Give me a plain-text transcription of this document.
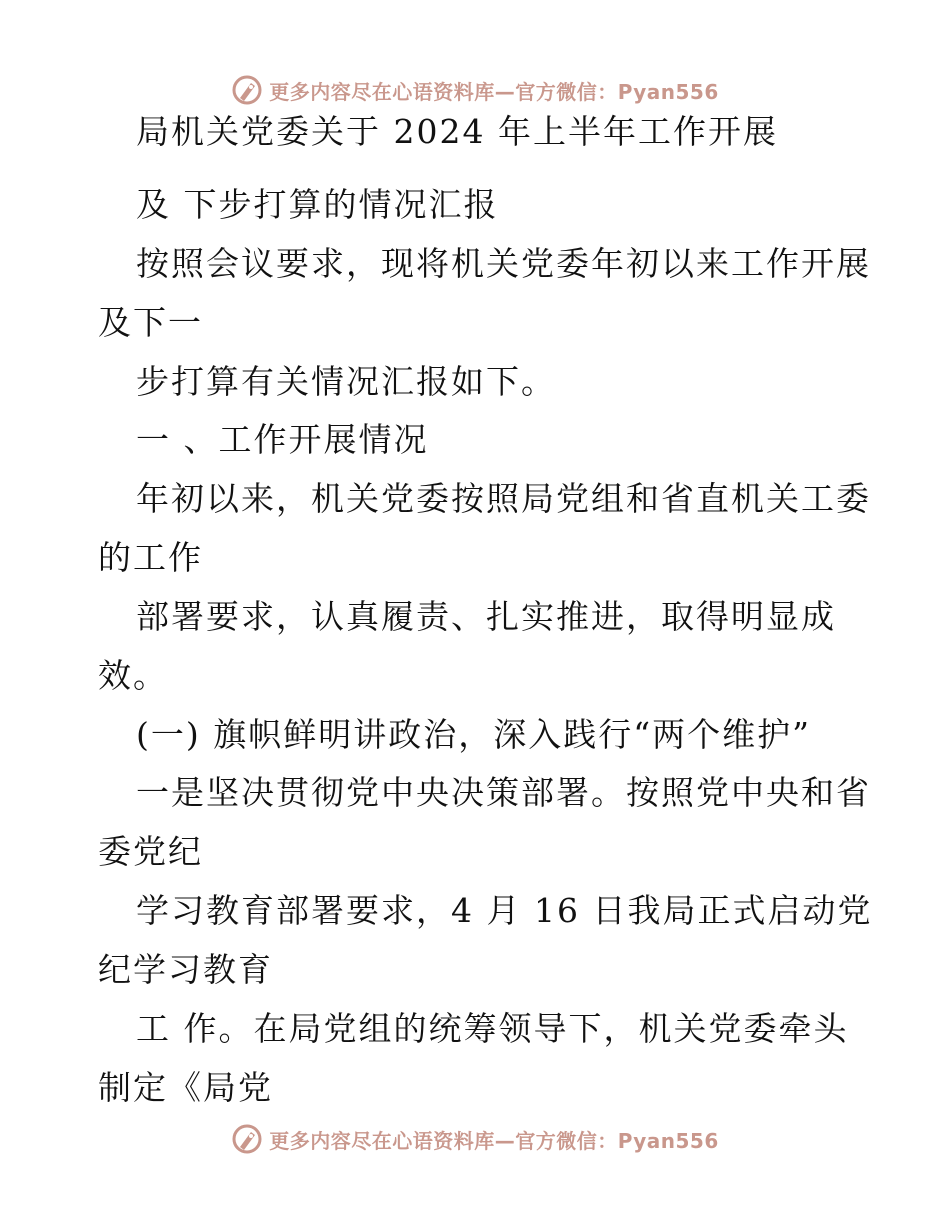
更多内容尽在心语资料库—官方微信：Pyan556
局机关党委关于 2024 年上半年工作开展
及 下步打算的情况汇报
按照会议要求，现将机关党委年初以来工作开展
及下一
步打算有关情况汇报如下。
一 、工作开展情况
年初以来，机关党委按照局党组和省直机关工委
的工作
部署要求，认真履责、扎实推进，取得明显成
效。
(一) 旗帜鲜明讲政治，深入践行“两个维护”
一是坚决贯彻党中央决策部署。按照党中央和省
委党纪
学习教育部署要求，4 月 16 日我局正式启动党
纪学习教育
工 作。在局党组的统筹领导下，机关党委牵头
制定《局党
更多内容尽在心语资料库—官方微信：Pyan556
